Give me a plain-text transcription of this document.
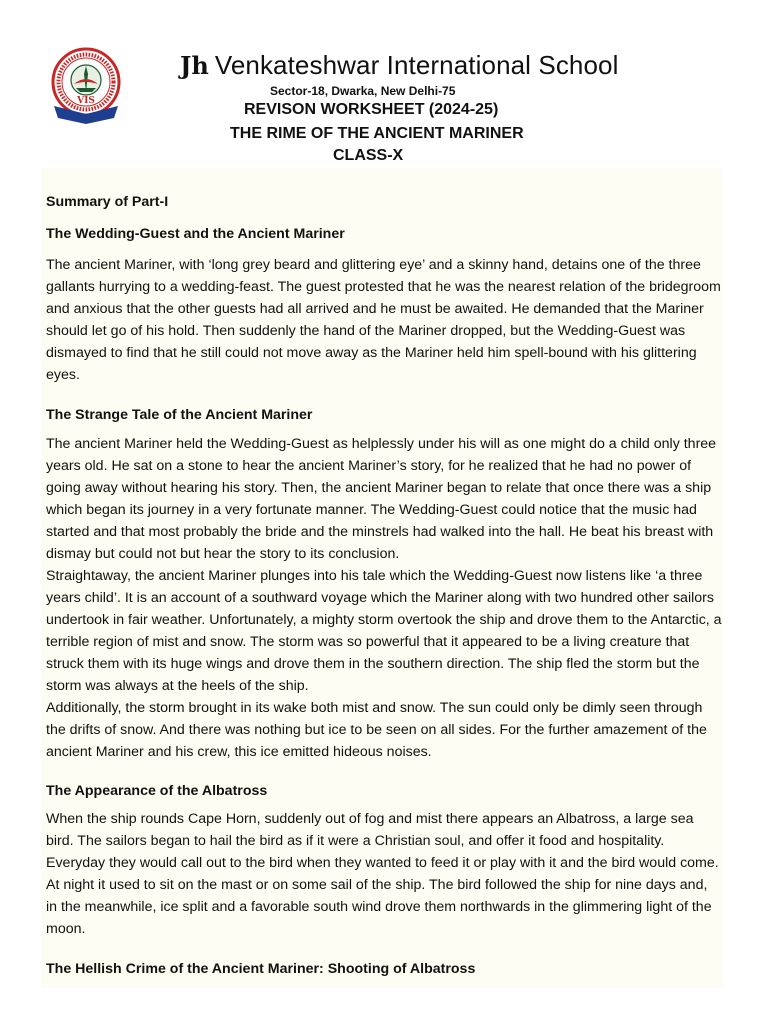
VIS
Jh Venkateshwar International School
Sector-18, Dwarka, New Delhi-75
REVISON WORKSHEET (2024-25)
THE RIME OF THE ANCIENT MARINER
CLASS-X
Summary of Part-I
The Wedding-Guest and the Ancient Mariner
The ancient Mariner, with ‘long grey beard and glittering eye’ and a skinny hand, detains one of the three gallants hurrying to a wedding-feast. The guest protested that he was the nearest relation of the bridegroom and anxious that the other guests had all arrived and he must be awaited. He demanded that the Mariner should let go of his hold. Then suddenly the hand of the Mariner dropped, but the Wedding-Guest was dismayed to find that he still could not move away as the Mariner held him spell-bound with his glittering eyes.
The Strange Tale of the Ancient Mariner
The ancient Mariner held the Wedding-Guest as helplessly under his will as one might do a child only three years old. He sat on a stone to hear the ancient Mariner’s story, for he realized that he had no power of going away without hearing his story. Then, the ancient Mariner began to relate that once there was a ship which began its journey in a very fortunate manner. The Wedding-Guest could notice that the music had started and that most probably the bride and the minstrels had walked into the hall. He beat his breast with dismay but could not but hear the story to its conclusion.
Straightaway, the ancient Mariner plunges into his tale which the Wedding-Guest now listens like ‘a three years child’. It is an account of a southward voyage which the Mariner along with two hundred other sailors undertook in fair weather. Unfortunately, a mighty storm overtook the ship and drove them to the Antarctic, a terrible region of mist and snow. The storm was so powerful that it appeared to be a living creature that struck them with its huge wings and drove them in the southern direction. The ship fled the storm but the storm was always at the heels of the ship.
Additionally, the storm brought in its wake both mist and snow. The sun could only be dimly seen through the drifts of snow. And there was nothing but ice to be seen on all sides. For the further amazement of the ancient Mariner and his crew, this ice emitted hideous noises.
The Appearance of the Albatross
When the ship rounds Cape Horn, suddenly out of fog and mist there appears an Albatross, a large sea bird. The sailors began to hail the bird as if it were a Christian soul, and offer it food and hospitality. Everyday they would call out to the bird when they wanted to feed it or play with it and the bird would come. At night it used to sit on the mast or on some sail of the ship. The bird followed the ship for nine days and, in the meanwhile, ice split and a favorable south wind drove them northwards in the glimmering light of the moon.
The Hellish Crime of the Ancient Mariner: Shooting of Albatross
